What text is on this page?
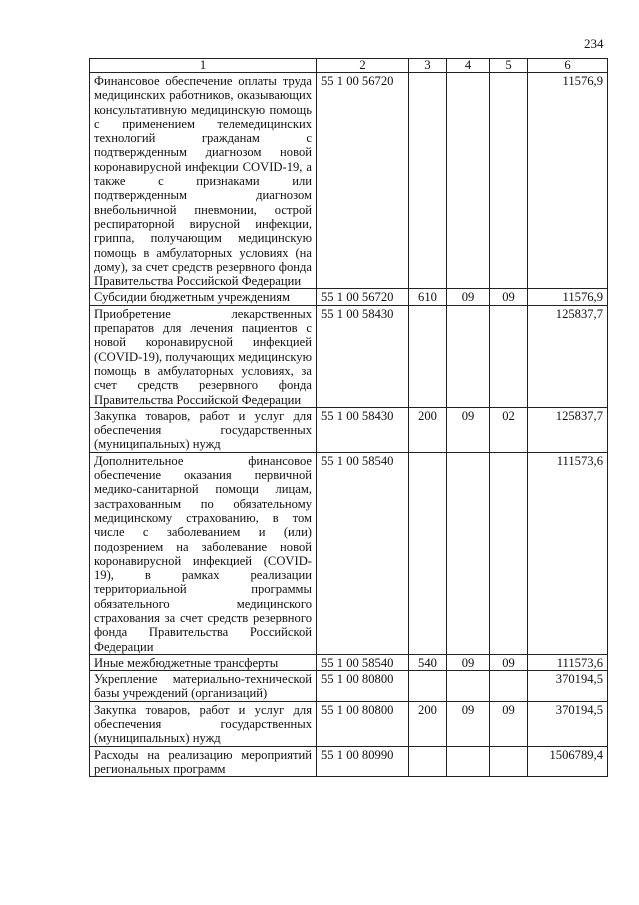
234
1	2	3	4	5	6
Финансовое обеспечение оплаты труда медицинских работников, оказывающих консультативную медицинскую помощь с применением телемедицинских технологий гражданам с подтвержденным диагнозом новой коронавирусной инфекции COVID-19, а также с признаками или подтвержденным диагнозом внебольничной пневмонии, острой респираторной вирусной инфекции, гриппа, получающим медицинскую помощь в амбулаторных условиях (на дому), за счет средств резервного фонда Правительства Российской Федерации	55 1 00 56720				11576,9
Субсидии бюджетным учреждениям	55 1 00 56720	610	09	09	11576,9
Приобретение лекарственных препаратов для лечения пациентов с новой коронавирусной инфекцией (COVID-19), получающих медицинскую помощь в амбулаторных условиях, за счет средств резервного фонда Правительства Российской Федерации	55 1 00 58430				125837,7
Закупка товаров, работ и услуг для обеспечения государственных (муниципальных) нужд	55 1 00 58430	200	09	02	125837,7
Дополнительное финансовое обеспечение оказания первичной медико-санитарной помощи лицам, застрахованным по обязательному медицинскому страхованию, в том числе с заболеванием и (или) подозрением на заболевание новой коронавирусной инфекцией (COVID-19), в рамках реализации территориальной программы обязательного медицинского страхования за счет средств резервного фонда Правительства Российской Федерации	55 1 00 58540				111573,6
Иные межбюджетные трансферты	55 1 00 58540	540	09	09	111573,6
Укрепление материально-технической базы учреждений (организаций)	55 1 00 80800				370194,5
Закупка товаров, работ и услуг для обеспечения государственных (муниципальных) нужд	55 1 00 80800	200	09	09	370194,5
Расходы на реализацию мероприятий региональных программ	55 1 00 80990				1506789,4
